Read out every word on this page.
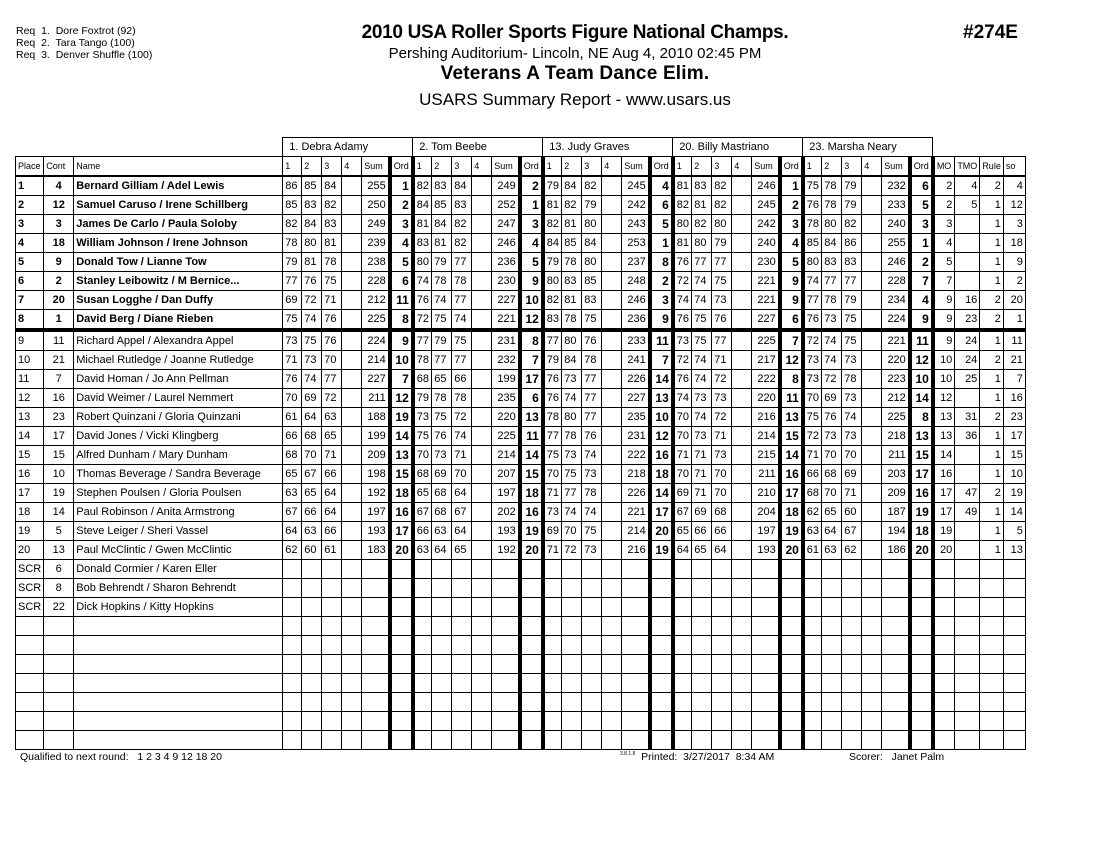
Req  1.  Dore Foxtrot (92)
Req  2.  Tara Tango (100)
Req  3.  Denver Shuffle (100)
2010 USA Roller Sports Figure National Champs.
Pershing Auditorium- Lincoln, NE Aug 4, 2010 02:45 PM
Veterans A Team Dance Elim.
USARS Summary Report - www.usars.us
#274E
			1. Debra Adamy						2. Tom Beebe						13. Judy Graves						20. Billy Mastriano						23. Marsha Neary									
Place	Cont	Name	1	2	3	4	Sum	Ord	1	2	3	4	Sum	Ord	1	2	3	4	Sum	Ord	1	2	3	4	Sum	Ord	1	2	3	4	Sum	Ord	MO	TMO	Rule	so
1	4	Bernard Gilliam / Adel Lewis	86	85	84		255	1	82	83	84		249	2	79	84	82		245	4	81	83	82		246	1	75	78	79		232	6	2	4	2	4
2	12	Samuel Caruso / Irene Schillberg	85	83	82		250	2	84	85	83		252	1	81	82	79		242	6	82	81	82		245	2	76	78	79		233	5	2	5	1	12
3	3	James De Carlo / Paula Soloby	82	84	83		249	3	81	84	82		247	3	82	81	80		243	5	80	82	80		242	3	78	80	82		240	3	3		1	3
4	18	William Johnson / Irene Johnson	78	80	81		239	4	83	81	82		246	4	84	85	84		253	1	81	80	79		240	4	85	84	86		255	1	4		1	18
5	9	Donald Tow / Lianne Tow	79	81	78		238	5	80	79	77		236	5	79	78	80		237	8	76	77	77		230	5	80	83	83		246	2	5		1	9
6	2	Stanley Leibowitz / M Bernice...	77	76	75		228	6	74	78	78		230	9	80	83	85		248	2	72	74	75		221	9	74	77	77		228	7	7		1	2
7	20	Susan Logghe / Dan Duffy	69	72	71		212	11	76	74	77		227	10	82	81	83		246	3	74	74	73		221	9	77	78	79		234	4	9	16	2	20
8	1	David Berg / Diane Rieben	75	74	76		225	8	72	75	74		221	12	83	78	75		236	9	76	75	76		227	6	76	73	75		224	9	9	23	2	1
9	11	Richard Appel / Alexandra Appel	73	75	76		224	9	77	79	75		231	8	77	80	76		233	11	73	75	77		225	7	72	74	75		221	11	9	24	1	11
10	21	Michael Rutledge / Joanne Rutledge	71	73	70		214	10	78	77	77		232	7	79	84	78		241	7	72	74	71		217	12	73	74	73		220	12	10	24	2	21
11	7	David Homan / Jo Ann Pellman	76	74	77		227	7	68	65	66		199	17	76	73	77		226	14	76	74	72		222	8	73	72	78		223	10	10	25	1	7
12	16	David Weimer / Laurel Nemmert	70	69	72		211	12	79	78	78		235	6	76	74	77		227	13	74	73	73		220	11	70	69	73		212	14	12		1	16
13	23	Robert Quinzani / Gloria Quinzani	61	64	63		188	19	73	75	72		220	13	78	80	77		235	10	70	74	72		216	13	75	76	74		225	8	13	31	2	23
14	17	David Jones / Vicki Klingberg	66	68	65		199	14	75	76	74		225	11	77	78	76		231	12	70	73	71		214	15	72	73	73		218	13	13	36	1	17
15	15	Alfred Dunham / Mary Dunham	68	70	71		209	13	70	73	71		214	14	75	73	74		222	16	71	71	73		215	14	71	70	70		211	15	14		1	15
16	10	Thomas Beverage / Sandra Beverage	65	67	66		198	15	68	69	70		207	15	70	75	73		218	18	70	71	70		211	16	66	68	69		203	17	16		1	10
17	19	Stephen Poulsen / Gloria Poulsen	63	65	64		192	18	65	68	64		197	18	71	77	78		226	14	69	71	70		210	17	68	70	71		209	16	17	47	2	19
18	14	Paul Robinson / Anita Armstrong	67	66	64		197	16	67	68	67		202	16	73	74	74		221	17	67	69	68		204	18	62	65	60		187	19	17	49	1	14
19	5	Steve Leiger / Sheri Vassel	64	63	66		193	17	66	63	64		193	19	69	70	75		214	20	65	66	66		197	19	63	64	67		194	18	19		1	5
20	13	Paul McClintic / Gwen McClintic	62	60	61		183	20	63	64	65		192	20	71	72	73		216	19	64	65	64		193	20	61	63	62		186	20	20		1	13
SCR	6	Donald Cormier / Karen Eller																																		
SCR	8	Bob Behrendt / Sharon Behrendt																																		
SCR	22	Dick Hopkins / Kitty Hopkins																																		

Qualified to next round:   1 2 3 4 9 12 18 20	$^{3.8.1.8}$ Printed:  3/27/2017  8:34 AM	Scorer:   Janet Palm
